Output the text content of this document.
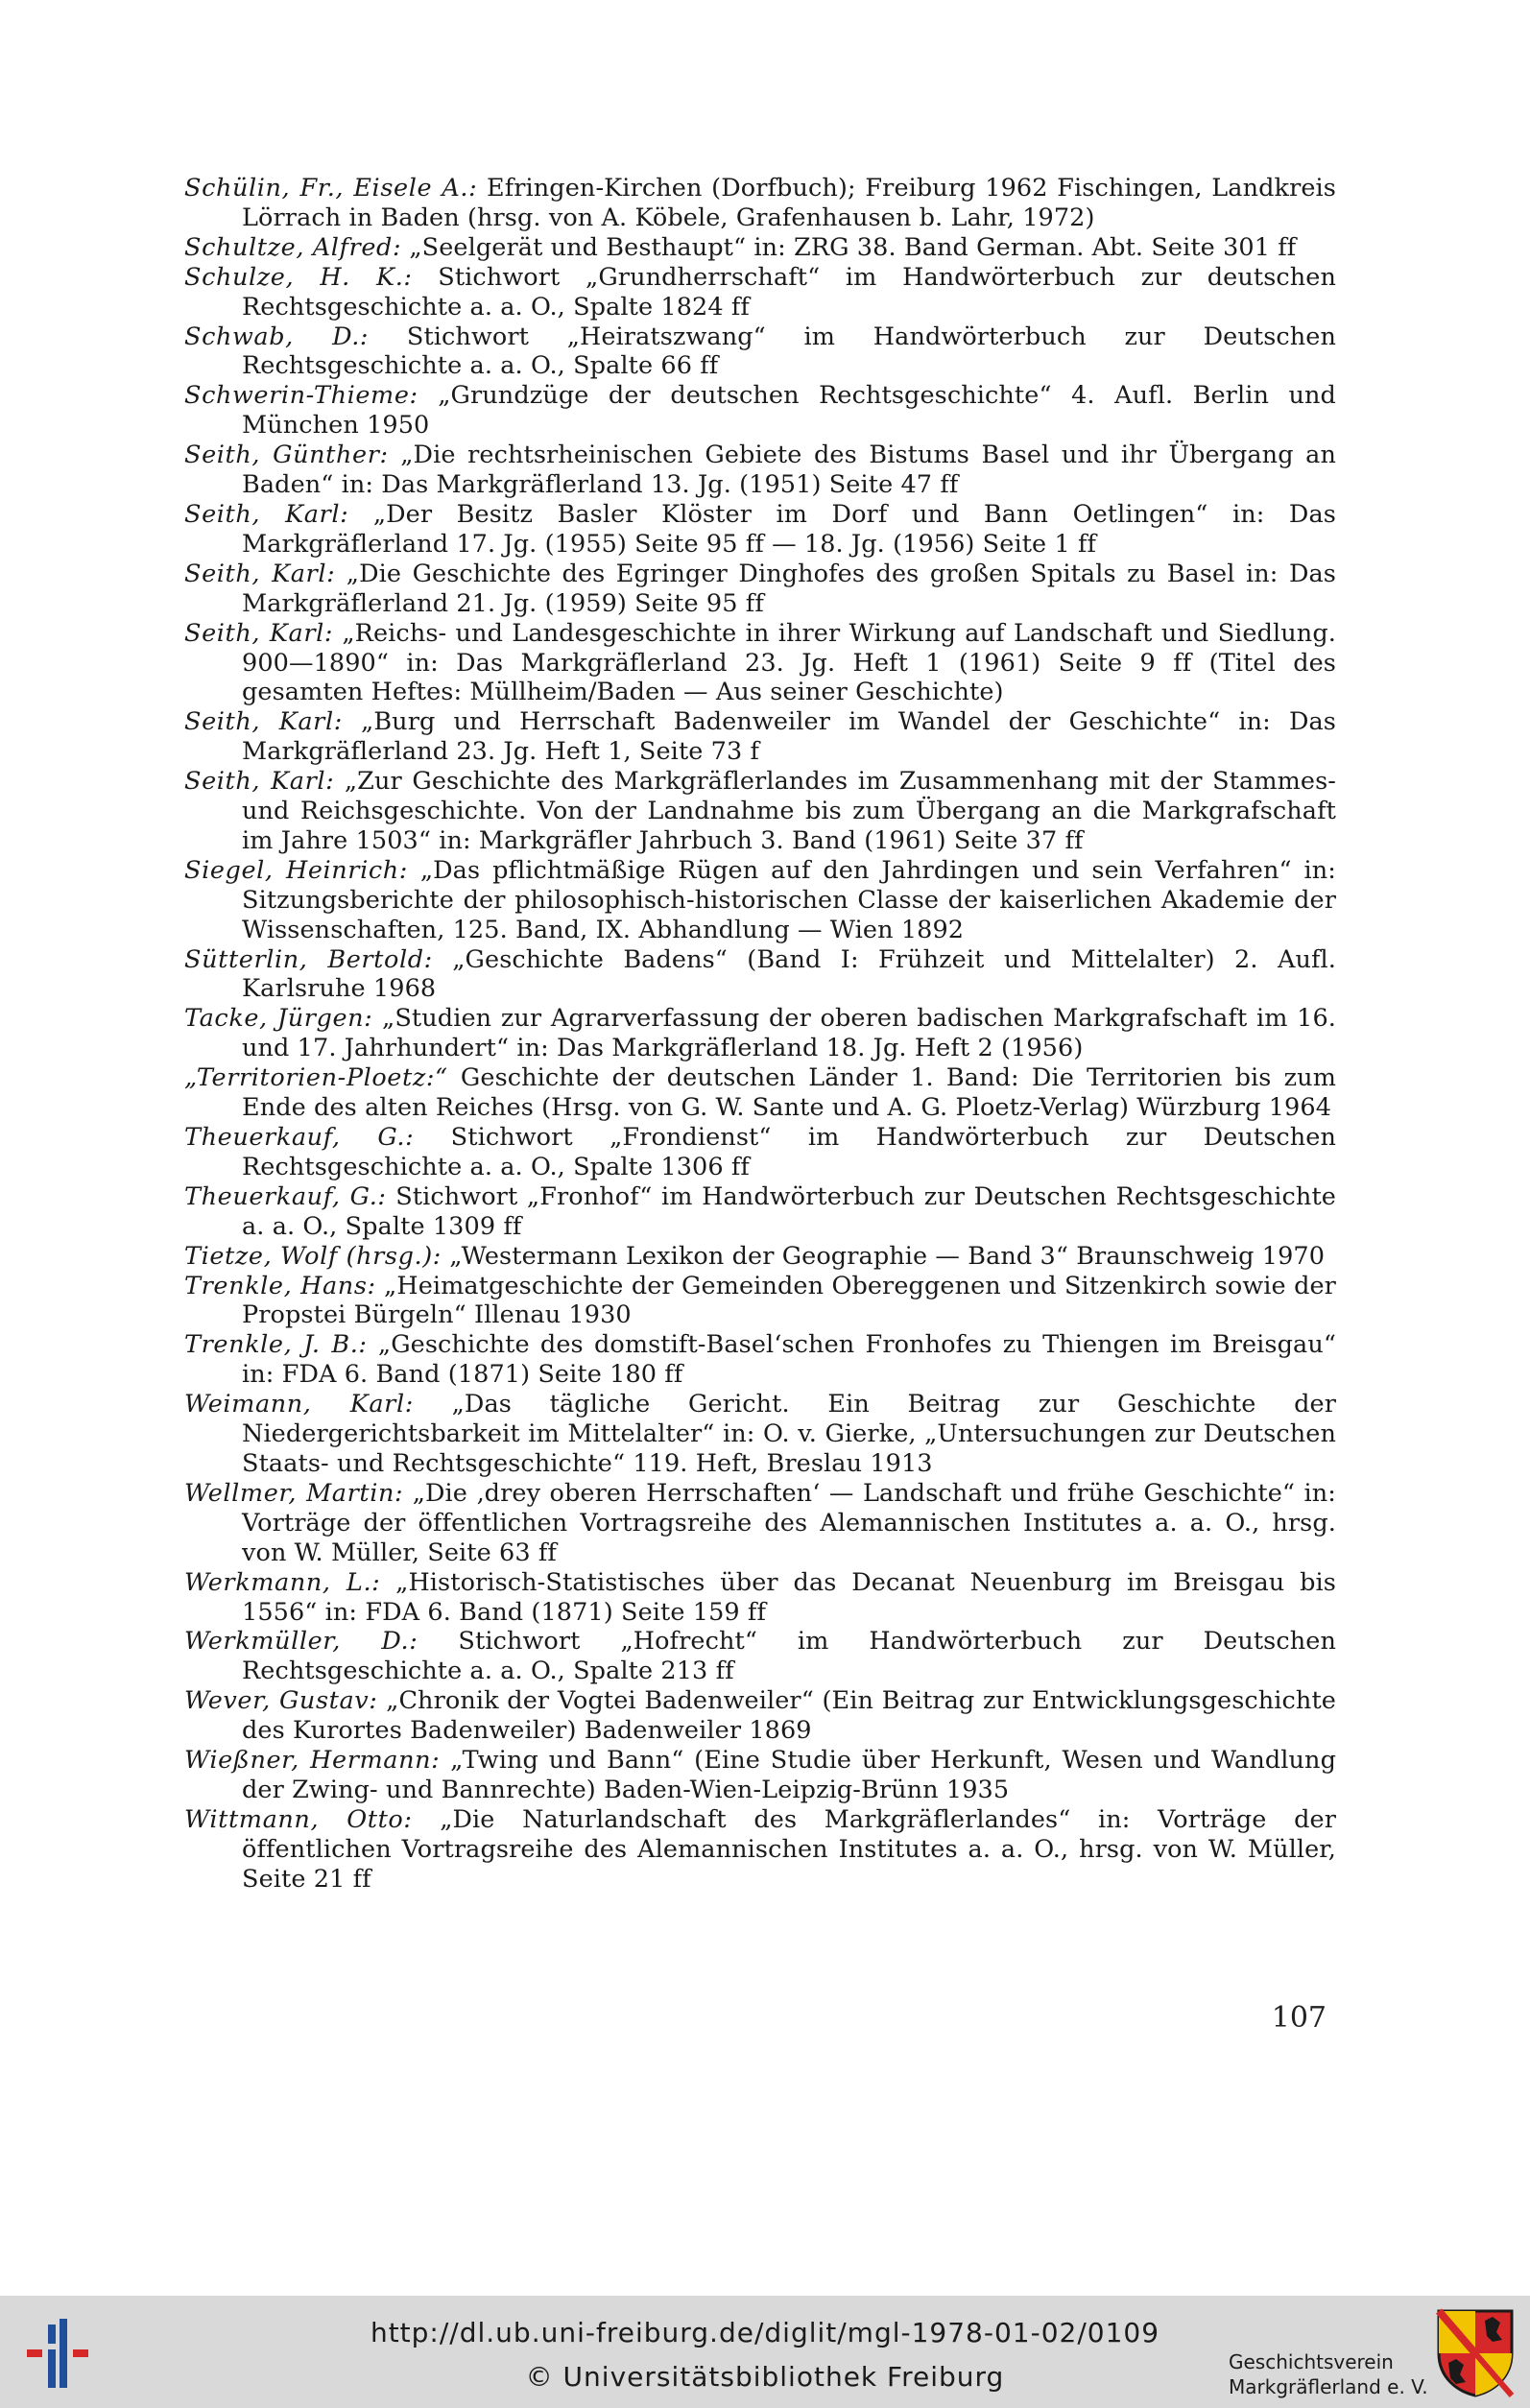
Schülin, Fr., Eisele A.: Efringen-Kirchen (Dorfbuch); Freiburg 1962 Fischingen, Landkreis Lörrach in Baden (hrsg. von A. Köbele, Grafenhausen b. Lahr, 1972)
Schultze, Alfred: „Seelgerät und Besthaupt“ in: ZRG 38. Band German. Abt. Seite 301 ff
Schulze, H. K.: Stichwort „Grundherrschaft“ im Handwörterbuch zur deutschen Rechtsgeschichte a. a. O., Spalte 1824 ff
Schwab, D.: Stichwort „Heiratszwang“ im Handwörterbuch zur Deutschen Rechtsgeschichte a. a. O., Spalte 66 ff
Schwerin-Thieme: „Grundzüge der deutschen Rechtsgeschichte“ 4. Aufl. Berlin und München 1950
Seith, Günther: „Die rechtsrheinischen Gebiete des Bistums Basel und ihr Übergang an Baden“ in: Das Markgräflerland 13. Jg. (1951) Seite 47 ff
Seith, Karl: „Der Besitz Basler Klöster im Dorf und Bann Oetlingen“ in: Das Markgräflerland 17. Jg. (1955) Seite 95 ff — 18. Jg. (1956) Seite 1 ff
Seith, Karl: „Die Geschichte des Egringer Dinghofes des großen Spitals zu Basel in: Das Markgräflerland 21. Jg. (1959) Seite 95 ff
Seith, Karl: „Reichs- und Landesgeschichte in ihrer Wirkung auf Landschaft und Siedlung. 900—1890“ in: Das Markgräflerland 23. Jg. Heft 1 (1961) Seite 9 ff (Titel des gesamten Heftes: Müllheim/Baden — Aus seiner Geschichte)
Seith, Karl: „Burg und Herrschaft Badenweiler im Wandel der Geschichte“ in: Das Markgräflerland 23. Jg. Heft 1, Seite 73 f
Seith, Karl: „Zur Geschichte des Markgräflerlandes im Zusammenhang mit der Stammes- und Reichsgeschichte. Von der Landnahme bis zum Übergang an die Markgrafschaft im Jahre 1503“ in: Markgräfler Jahrbuch 3. Band (1961) Seite 37 ff
Siegel, Heinrich: „Das pflichtmäßige Rügen auf den Jahrdingen und sein Verfahren“ in: Sitzungsberichte der philosophisch-historischen Classe der kaiserlichen Akademie der Wissenschaften, 125. Band, IX. Abhandlung — Wien 1892
Sütterlin, Bertold: „Geschichte Badens“ (Band I: Frühzeit und Mittelalter) 2. Aufl. Karlsruhe 1968
Tacke, Jürgen: „Studien zur Agrarverfassung der oberen badischen Markgrafschaft im 16. und 17. Jahrhundert“ in: Das Markgräflerland 18. Jg. Heft 2 (1956)
„Territorien-Ploetz:“ Geschichte der deutschen Länder 1. Band: Die Territorien bis zum Ende des alten Reiches (Hrsg. von G. W. Sante und A. G. Ploetz-Verlag) Würzburg 1964
Theuerkauf, G.: Stichwort „Frondienst“ im Handwörterbuch zur Deutschen Rechtsgeschichte a. a. O., Spalte 1306 ff
Theuerkauf, G.: Stichwort „Fronhof“ im Handwörterbuch zur Deutschen Rechtsgeschichte a. a. O., Spalte 1309 ff
Tietze, Wolf (hrsg.): „Westermann Lexikon der Geographie — Band 3“ Braunschweig 1970
Trenkle, Hans: „Heimatgeschichte der Gemeinden Obereggenen und Sitzenkirch sowie der Propstei Bürgeln“ Illenau 1930
Trenkle, J. B.: „Geschichte des domstift-Basel‘schen Fronhofes zu Thiengen im Breisgau“ in: FDA 6. Band (1871) Seite 180 ff
Weimann, Karl: „Das tägliche Gericht. Ein Beitrag zur Geschichte der Niedergerichtsbarkeit im Mittelalter“ in: O. v. Gierke, „Untersuchungen zur Deutschen Staats- und Rechtsgeschichte“ 119. Heft, Breslau 1913
Wellmer, Martin: „Die ‚drey oberen Herrschaften‘ — Landschaft und frühe Geschichte“ in: Vorträge der öffentlichen Vortragsreihe des Alemannischen Institutes a. a. O., hrsg. von W. Müller, Seite 63 ff
Werkmann, L.: „Historisch-Statistisches über das Decanat Neuenburg im Breisgau bis 1556“ in: FDA 6. Band (1871) Seite 159 ff
Werkmüller, D.: Stichwort „Hofrecht“ im Handwörterbuch zur Deutschen Rechtsgeschichte a. a. O., Spalte 213 ff
Wever, Gustav: „Chronik der Vogtei Badenweiler“ (Ein Beitrag zur Entwicklungsgeschichte des Kurortes Badenweiler) Badenweiler 1869
Wießner, Hermann: „Twing und Bann“ (Eine Studie über Herkunft, Wesen und Wandlung der Zwing- und Bannrechte) Baden-Wien-Leipzig-Brünn 1935
Wittmann, Otto: „Die Naturlandschaft des Markgräflerlandes“ in: Vorträge der öffentlichen Vortragsreihe des Alemannischen Institutes a. a. O., hrsg. von W. Müller, Seite 21 ff
107
http://dl.ub.uni-freiburg.de/diglit/mgl-1978-01-02/0109
© Universitätsbibliothek Freiburg	Geschichtsverein
Markgräflerland e. V.
